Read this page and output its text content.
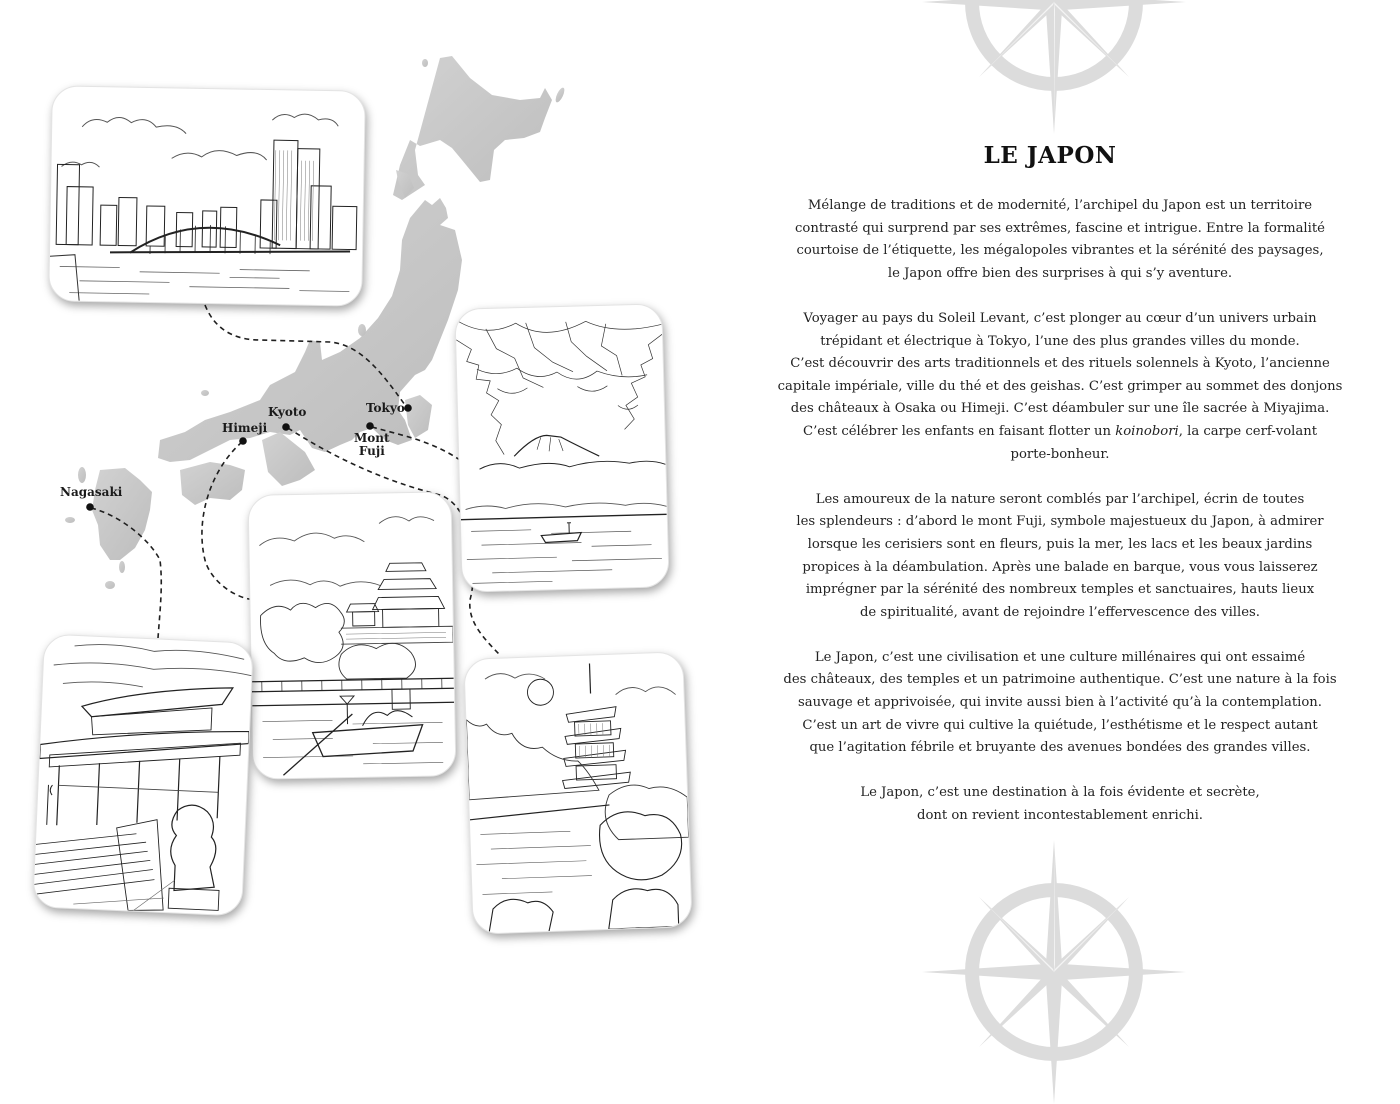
Tokyo
Mont
Fuji
Kyoto
Himeji
Nagasaki
LE JAPON

Mélange de traditions et de modernité, l’archipel du Japon est un territoire
contrasté qui surprend par ses extrêmes, fascine et intrigue. Entre la formalité
courtoise de l’étiquette, les mégalopoles vibrantes et la sérénité des paysages,
le Japon offre bien des surprises à qui s’y aventure.

Voyager au pays du Soleil Levant, c’est plonger au cœur d’un univers urbain
trépidant et électrique à Tokyo, l’une des plus grandes villes du monde.
C’est découvrir des arts traditionnels et des rituels solennels à Kyoto, l’ancienne
capitale impériale, ville du thé et des geishas. C’est grimper au sommet des donjons
des châteaux à Osaka ou Himeji. C’est déambuler sur une île sacrée à Miyajima.
C’est célébrer les enfants en faisant flotter un koinobori, la carpe cerf-volant
porte-bonheur.

Les amoureux de la nature seront comblés par l’archipel, écrin de toutes
les splendeurs : d’abord le mont Fuji, symbole majestueux du Japon, à admirer
lorsque les cerisiers sont en fleurs, puis la mer, les lacs et les beaux jardins
propices à la déambulation. Après une balade en barque, vous vous laisserez
imprégner par la sérénité des nombreux temples et sanctuaires, hauts lieux
de spiritualité, avant de rejoindre l’effervescence des villes.

Le Japon, c’est une civilisation et une culture millénaires qui ont essaimé
des châteaux, des temples et un patrimoine authentique. C’est une nature à la fois
sauvage et apprivoisée, qui invite aussi bien à l’activité qu’à la contemplation.
C’est un art de vivre qui cultive la quiétude, l’esthétisme et le respect autant
que l’agitation fébrile et bruyante des avenues bondées des grandes villes.

Le Japon, c’est une destination à la fois évidente et secrète,
dont on revient incontestablement enrichi.
